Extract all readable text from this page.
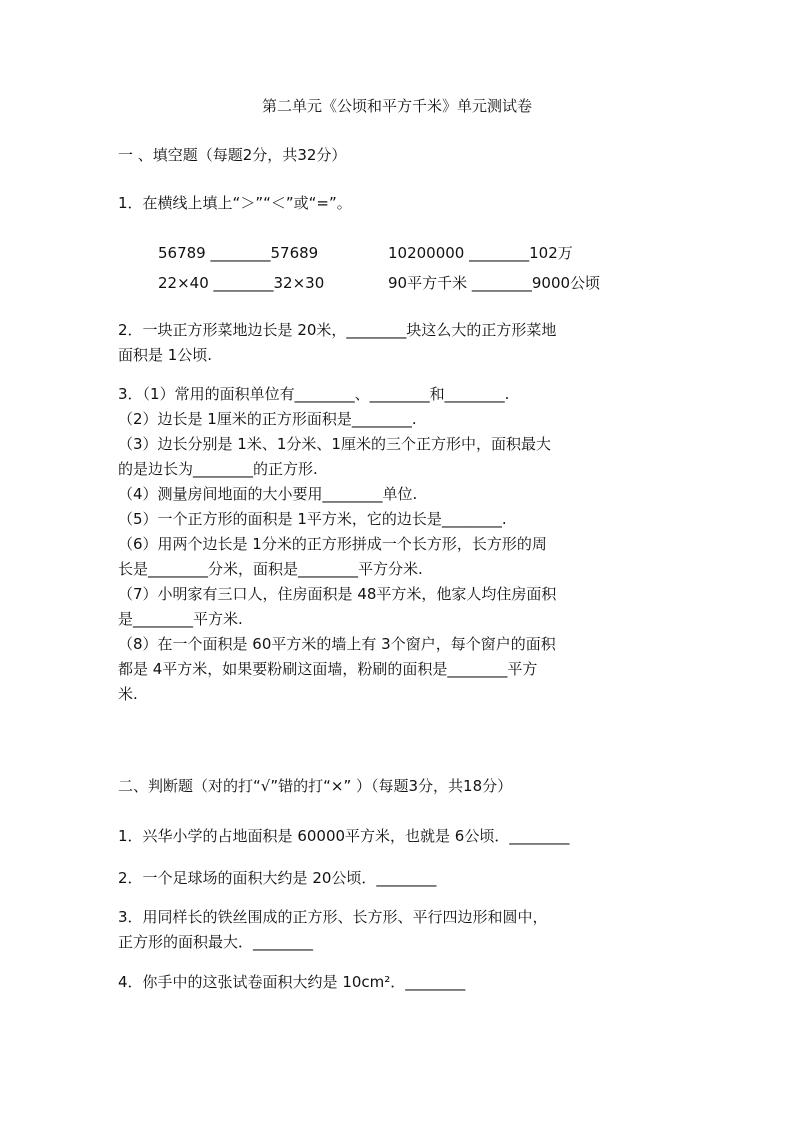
第二单元《公顷和平方千米》单元测试卷
一 、填空题（每题2分，共32分）
1．在横线上填上“＞”“＜”或“=”。
56789 ________57689	10200000 ________102万
22×40 ________32×30	90平方千米 ________9000公顷
2．一块正方形菜地边长是 20米，________块这么大的正方形菜地
面积是 1公顷.
3．（1）常用的面积单位有________、________和________.
（2）边长是 1厘米的正方形面积是________.
（3）边长分别是 1米、1分米、1厘米的三个正方形中，面积最大
的是边长为________的正方形.
（4）测量房间地面的大小要用________单位.
（5）一个正方形的面积是 1平方米，它的边长是________.
（6）用两个边长是 1分米的正方形拼成一个长方形，长方形的周
长是________分米，面积是________平方分米.
（7）小明家有三口人，住房面积是 48平方米，他家人均住房面积
是________平方米.
（8）在一个面积是 60平方米的墙上有 3个窗户，每个窗户的面积
都是 4平方米，如果要粉刷这面墙，粉刷的面积是________平方
米.
二、判断题（对的打“√”错的打“×” ）（每题3分，共18分）
1．兴华小学的占地面积是 60000平方米，也就是 6公顷．________
2．一个足球场的面积大约是 20公顷．________
3．用同样长的铁丝围成的正方形、长方形、平行四边形和圆中，
正方形的面积最大．________
4．你手中的这张试卷面积大约是 10cm²．________
